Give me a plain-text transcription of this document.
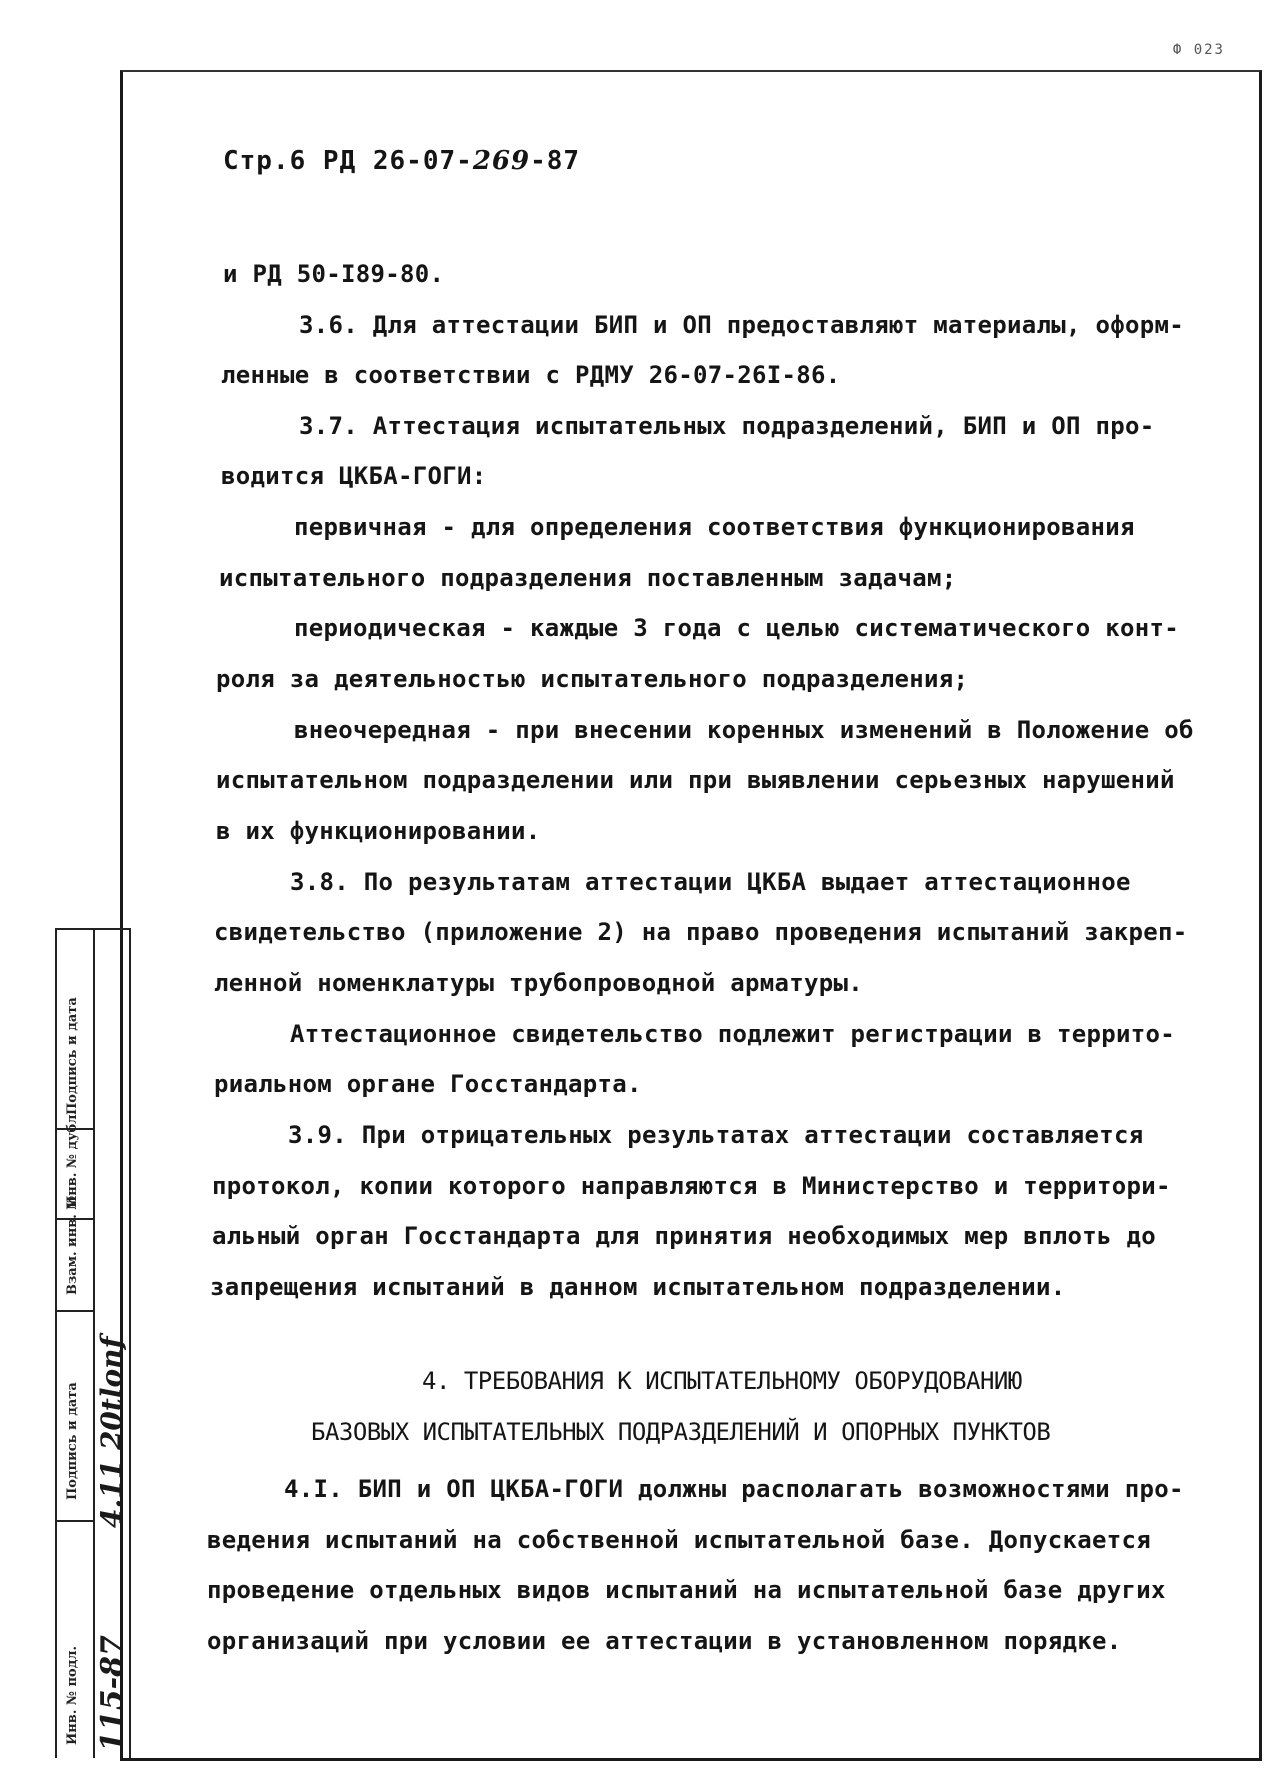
Ф 023
Стр.6 РД 26-07-269-87
и РД 50-I89-80.
3.6. Для аттестации БИП и ОП предоставляют материалы, оформ-
ленные в соответствии с РДМУ 26-07-26I-86.
3.7. Аттестация испытательных подразделений, БИП и ОП про-
водится ЦКБА-ГОГИ:
первичная - для определения соответствия функционирования
испытательного подразделения поставленным задачам;
периодическая - каждые 3 года с целью систематического конт-
роля за деятельностью испытательного подразделения;
внеочередная - при внесении коренных изменений в Положение об
испытательном подразделении или при выявлении серьезных нарушений
в их функционировании.
3.8. По результатам аттестации ЦКБА выдает аттестационное
свидетельство (приложение 2) на право проведения испытаний закреп-
ленной номенклатуры трубопроводной арматуры.
Аттестационное свидетельство подлежит регистрации в террито-
риальном органе Госстандарта.
3.9. При отрицательных результатах аттестации составляется
протокол, копии которого направляются в Министерство и территори-
альный орган Госстандарта для принятия необходимых мер вплоть до
запрещения испытаний в данном испытательном подразделении.
4. ТРЕБОВАНИЯ К ИСПЫТАТЕЛЬНОМУ ОБОРУДОВАНИЮ
БАЗОВЫХ ИСПЫТАТЕЛЬНЫХ ПОДРАЗДЕЛЕНИЙ И ОПОРНЫХ ПУНКТОВ
4.I. БИП и ОП ЦКБА-ГОГИ должны располагать возможностями про-
ведения испытаний на собственной испытательной базе. Допускается
проведение отдельных видов испытаний на испытательной базе других
организаций при условии ее аттестации в установленном порядке.
Инв. № подл.
Подпись и дата
Взам. инв. №
Инв. № дубл.
Подпись и дата
115-87
4.11 20tlonf
